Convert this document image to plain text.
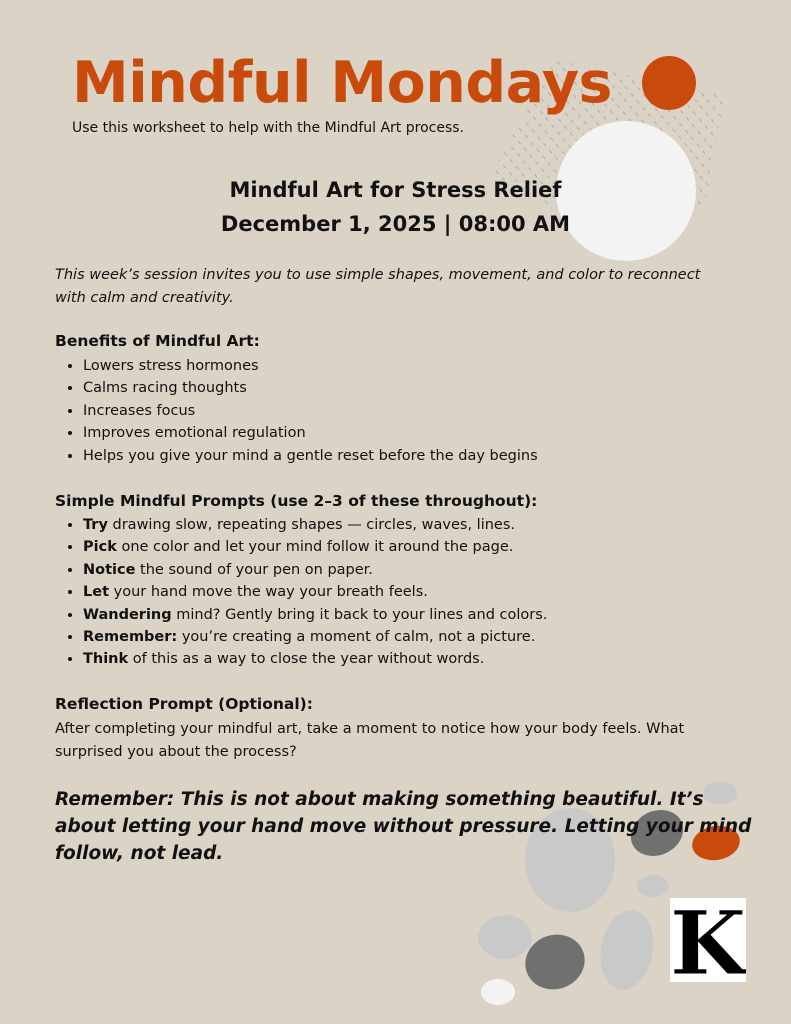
Mindful Mondays
Use this worksheet to help with the Mindful Art process.
Mindful Art for Stress Relief
December 1, 2025 | 08:00 AM
This week’s session invites you to use simple shapes, movement, and color to reconnect with calm and creativity.
Benefits of Mindful Art:
• Lowers stress hormones
• Calms racing thoughts
• Increases focus
• Improves emotional regulation
• Helps you give your mind a gentle reset before the day begins
Simple Mindful Prompts (use 2–3 of these throughout):
• Try drawing slow, repeating shapes — circles, waves, lines.
• Pick one color and let your mind follow it around the page.
• Notice the sound of your pen on paper.
• Let your hand move the way your breath feels.
• Wandering mind? Gently bring it back to your lines and colors.
• Remember: you’re creating a moment of calm, not a picture.
• Think of this as a way to close the year without words.
Reflection Prompt (Optional):
After completing your mindful art, take a moment to notice how your body feels. What surprised you about the process?
Remember: This is not about making something beautiful. It’s about letting your hand move without pressure. Letting your mind follow, not lead.
K
